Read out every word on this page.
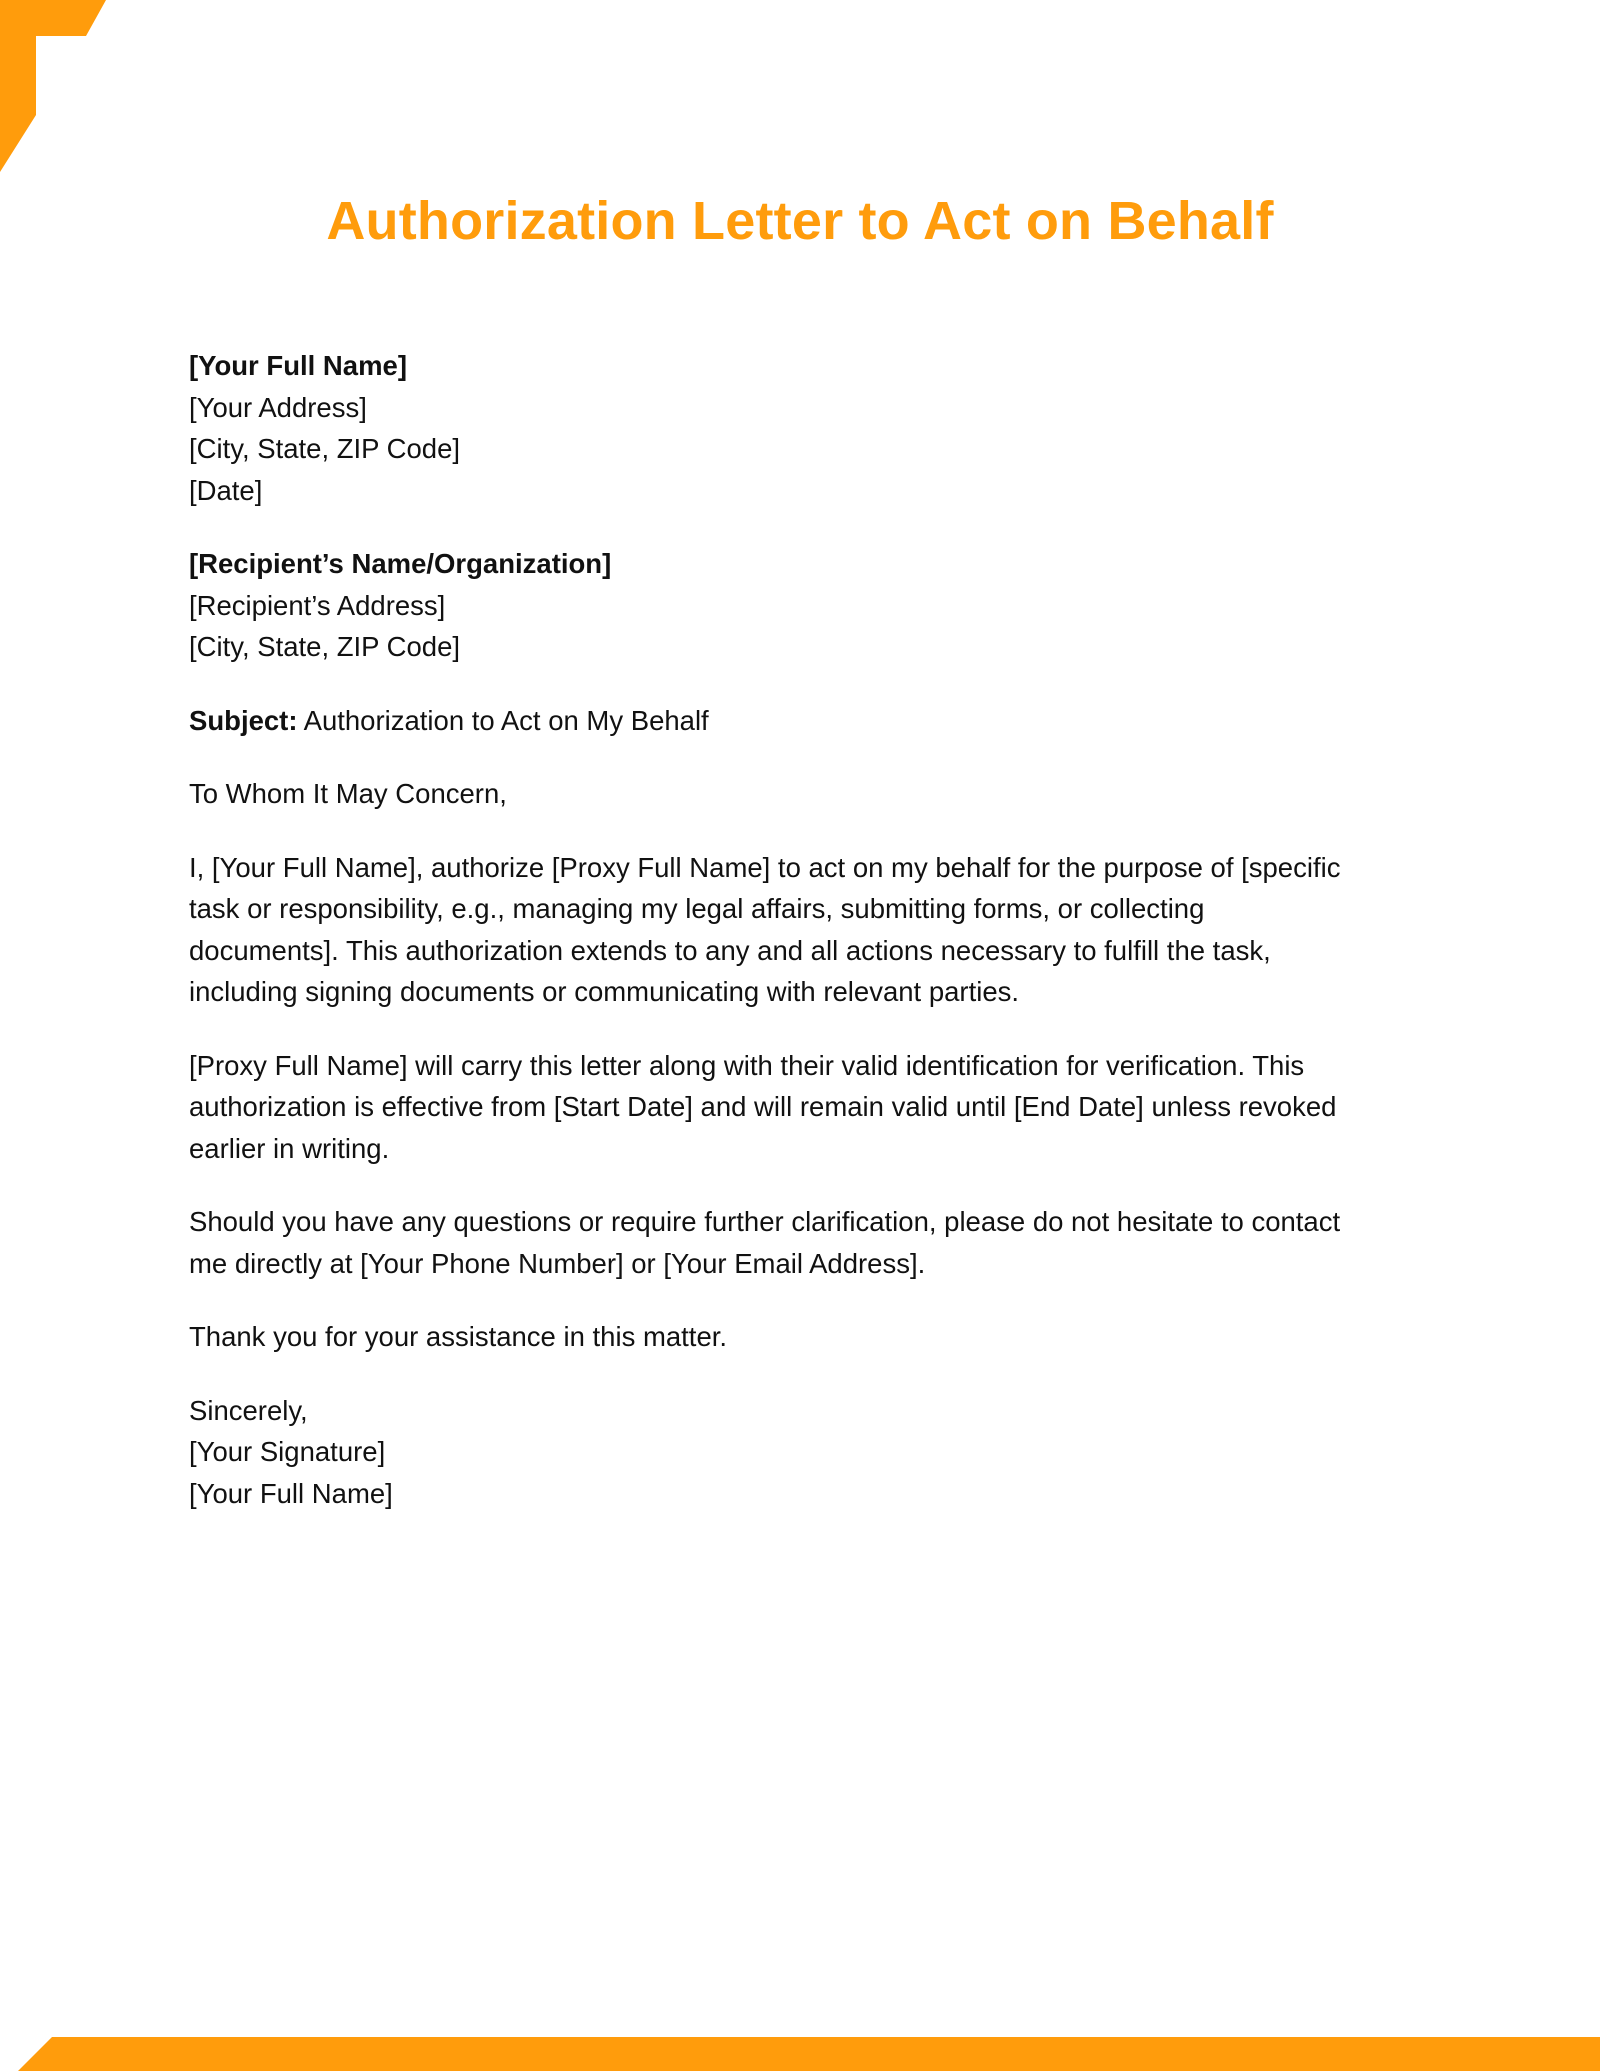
Authorization Letter to Act on Behalf
[Your Full Name]
[Your Address]
[City, State, ZIP Code]
[Date]
[Recipient’s Name/Organization]
[Recipient’s Address]
[City, State, ZIP Code]
Subject: Authorization to Act on My Behalf
To Whom It May Concern,

I, [Your Full Name], authorize [Proxy Full Name] to act on my behalf for the purpose of [specific
task or responsibility, e.g., managing my legal affairs, submitting forms, or collecting
documents]. This authorization extends to any and all actions necessary to fulfill the task,
including signing documents or communicating with relevant parties.

[Proxy Full Name] will carry this letter along with their valid identification for verification. This
authorization is effective from [Start Date] and will remain valid until [End Date] unless revoked
earlier in writing.

Should you have any questions or require further clarification, please do not hesitate to contact
me directly at [Your Phone Number] or [Your Email Address].

Thank you for your assistance in this matter.

Sincerely,
[Your Signature]
[Your Full Name]
